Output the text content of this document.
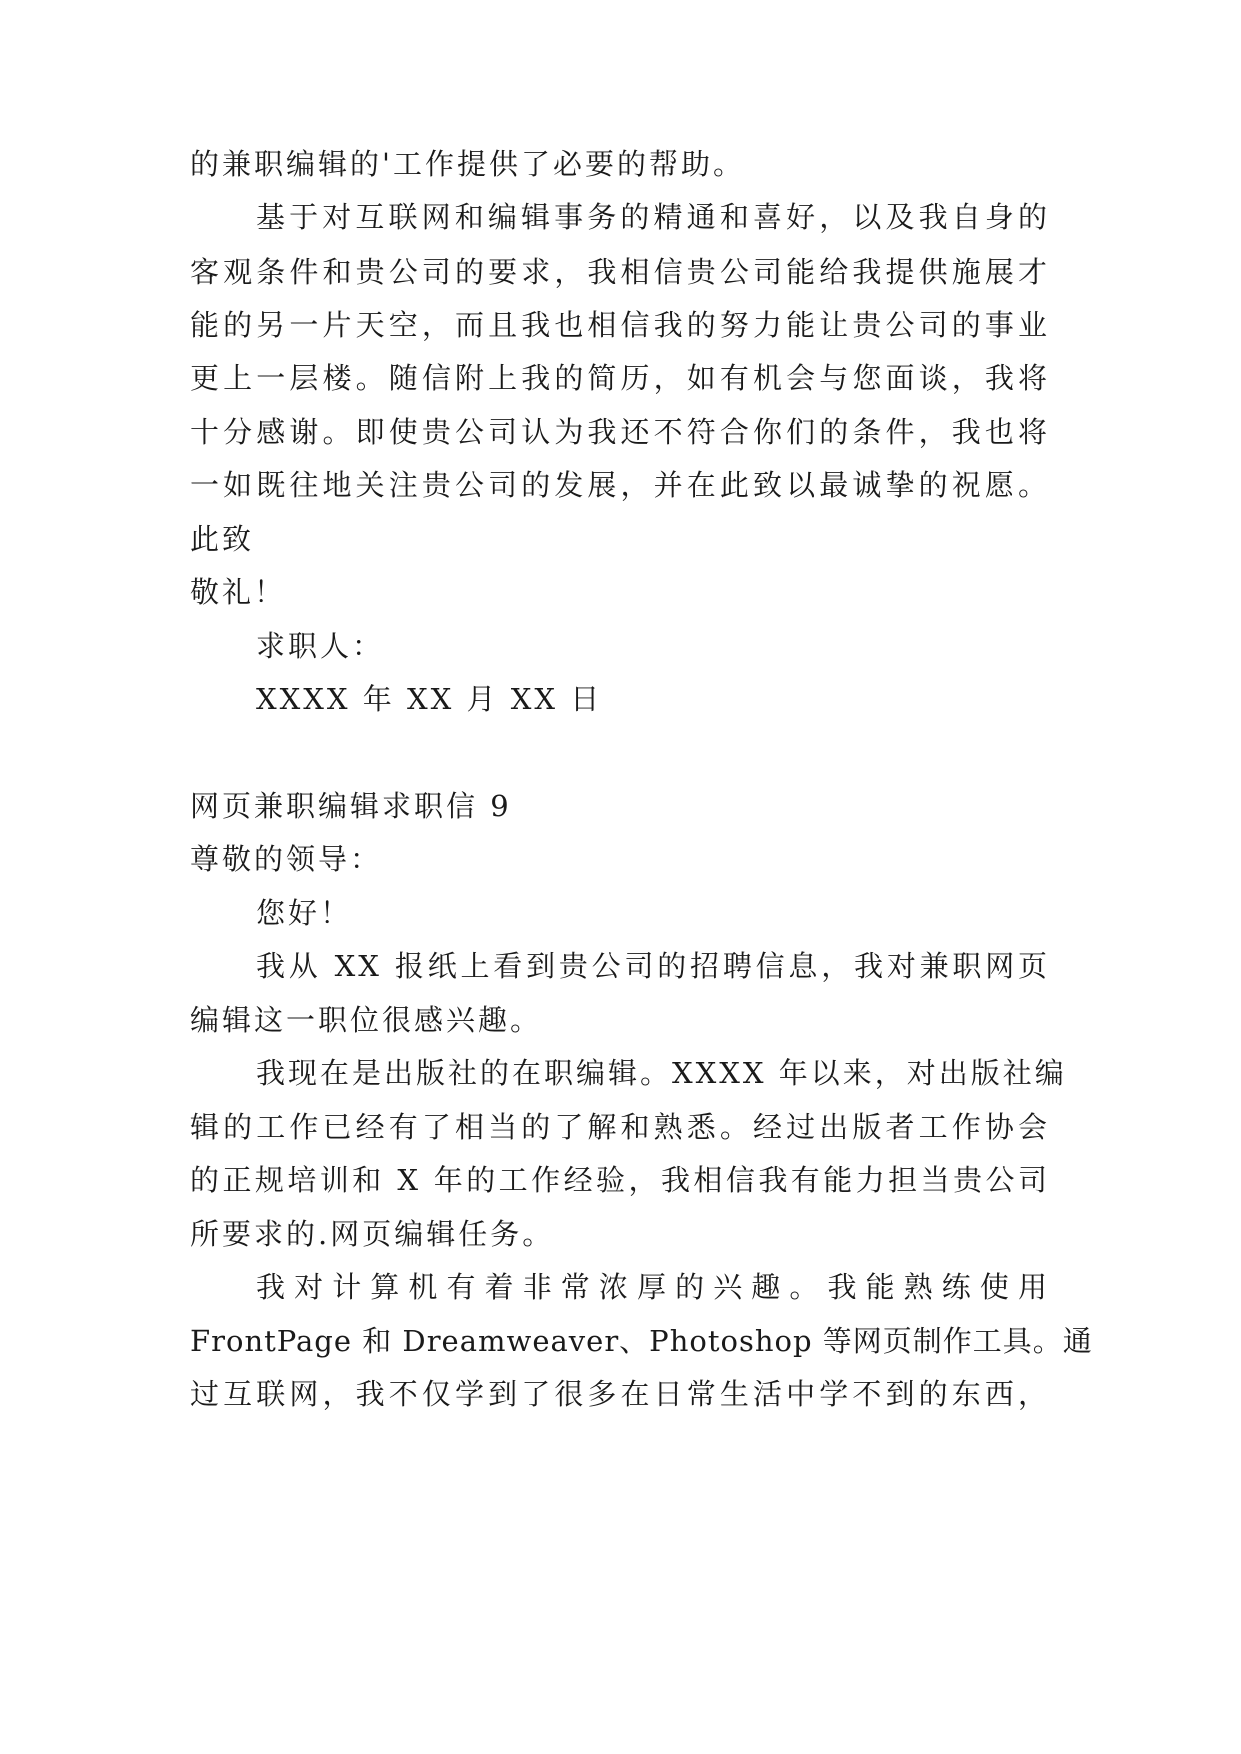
的兼职编辑的'工作提供了必要的帮助。
基于对互联网和编辑事务的精通和喜好，以及我自身的
客观条件和贵公司的要求，我相信贵公司能给我提供施展才
能的另一片天空，而且我也相信我的努力能让贵公司的事业
更上一层楼。随信附上我的简历，如有机会与您面谈，我将
十分感谢。即使贵公司认为我还不符合你们的条件，我也将
一如既往地关注贵公司的发展，并在此致以最诚挚的祝愿。
此致
敬礼！
求职人：
XXXX 年 XX 月 XX 日
网页兼职编辑求职信 9
尊敬的领导：
您好！
我从 XX 报纸上看到贵公司的招聘信息，我对兼职网页
编辑这一职位很感兴趣。
我现在是出版社的在职编辑。XXXX 年以来，对出版社编
辑的工作已经有了相当的了解和熟悉。经过出版者工作协会
的正规培训和 X 年的工作经验，我相信我有能力担当贵公司
所要求的.网页编辑任务。
我对计算机有着非常浓厚的兴趣。我能熟练使用
FrontPage 和 Dreamweaver、Photoshop 等网页制作工具。通
过互联网，我不仅学到了很多在日常生活中学不到的东西，
